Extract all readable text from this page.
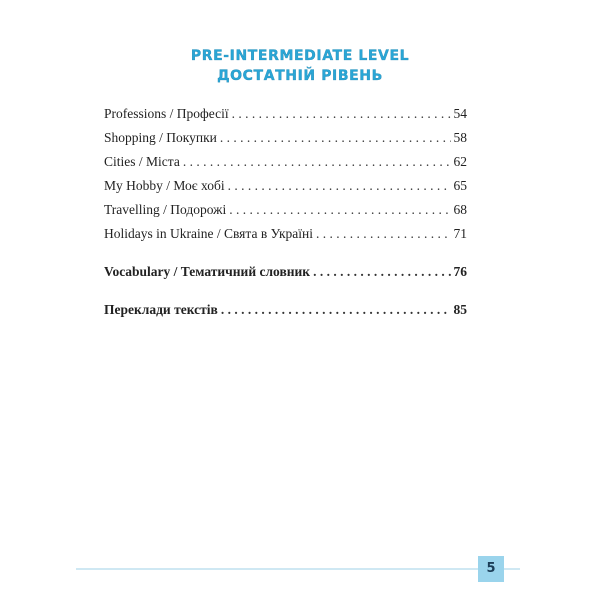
PRE-INTERMEDIATE LEVEL
ДОСТАТНІЙ РІВЕНЬ
Professions / Професії . . .	54
Shopping / Покупки . . .	58
Cities / Міста . . .	62
My Hobby / Моє хобі . . .	65
Travelling / Подорожі . . .	68
Holidays in Ukraine / Свята в Україні . . .	71
Vocabulary / Тематичний словник . . .	76
Переклади текстів . . .	85
5
